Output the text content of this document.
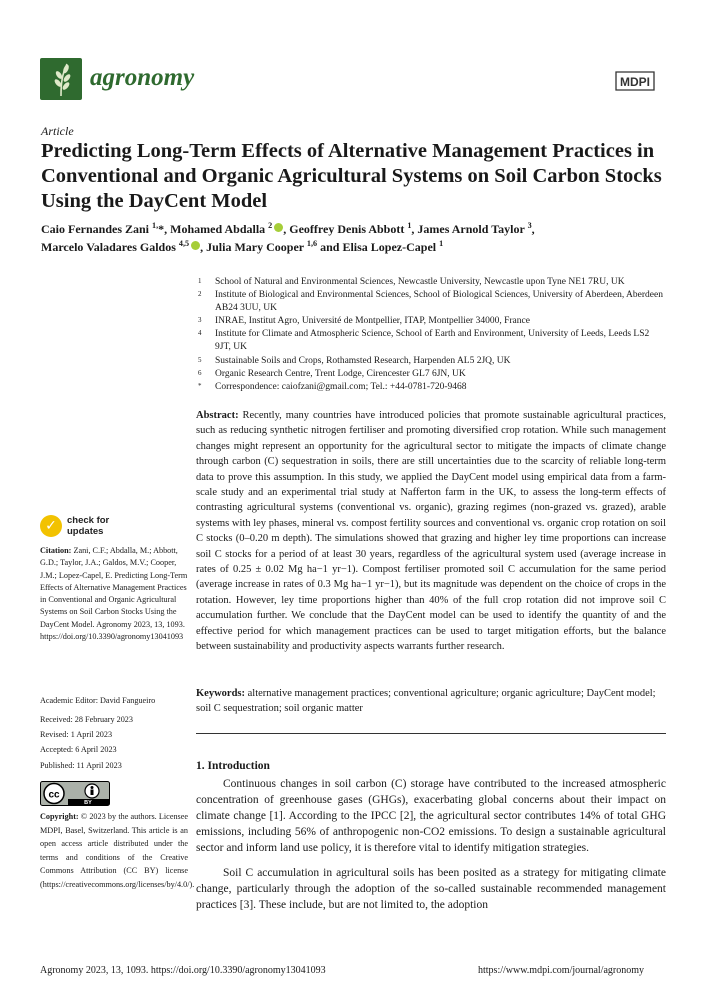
agronomy	MDPI
Article
Predicting Long-Term Effects of Alternative Management Practices in Conventional and Organic Agricultural Systems on Soil Carbon Stocks Using the DayCent Model
Caio Fernandes Zani $^{1,}$*, Mohamed Abdalla $^2$ , Geoffrey Denis Abbott $^1$, James Arnold Taylor $^3$,
Marcelo Valadares Galdos $^{4,5}$ , Julia Mary Cooper $^{1,6}$ and Elisa Lopez-Capel $^1$
1 School of Natural and Environmental Sciences, Newcastle University, Newcastle upon Tyne NE1 7RU, UK
2 Institute of Biological and Environmental Sciences, School of Biological Sciences, University of Aberdeen, Aberdeen AB24 3UU, UK
3 INRAE, Institut Agro, Université de Montpellier, ITAP, Montpellier 34000, France
4 Institute for Climate and Atmospheric Science, School of Earth and Environment, University of Leeds, Leeds LS2 9JT, UK
5 Sustainable Soils and Crops, Rothamsted Research, Harpenden AL5 2JQ, UK
6 Organic Research Centre, Trent Lodge, Cirencester GL7 6JN, UK
* Correspondence: caiofzani@gmail.com; Tel.: +44-0781-720-9468

Abstract: Recently, many countries have introduced policies that promote sustainable agricultural practices, such as reducing synthetic nitrogen fertiliser and promoting diversified crop rotation. While such management changes might represent an opportunity for the agricultural sector to mitigate the impacts of climate change through carbon (C) sequestration in soils, there are still uncertainties due to the scarcity of reliable long-term data to prove this assumption. In this study, we applied the DayCent model using empirical data from a farm-scale study and an experimental trial study at Nafferton farm in the UK, to assess the long-term effects of contrasting agricultural systems (conventional vs. organic), grazing regimes (non-grazed vs. grazed), arable systems with ley phases, mineral vs. compost fertility sources and conventional vs. organic crop rotation on soil C stocks (0–0.20 m depth). The simulations showed that grazing and higher ley time proportions can increase soil C stocks for a period of at least 30 years, regardless of the agricultural system used (average increase in rates of 0.25 ± 0.02 Mg ha−1 yr−1). Compost fertiliser promoted soil C accumulation for the same period (average increase in rates of 0.3 Mg ha−1 yr−1), but its magnitude was dependent on the choice of crops in the rotation. However, ley time proportions higher than 40% of the full crop rotation did not improve soil C accumulation further. We conclude that the DayCent model can be used to identify the quantity of and the effective period for which management practices can be used to target mitigation efforts, but the balance between sustainability and productivity aspects warrants further research.

Keywords: alternative management practices; conventional agriculture; organic agriculture; DayCent model; soil C sequestration; soil organic matter

1. Introduction

Continuous changes in soil carbon (C) storage have contributed to the increased atmospheric concentration of greenhouse gases (GHGs), exacerbating global concerns about their impact on climate change [1]. According to the IPCC [2], the agricultural sector contributes 14% of total GHG emissions, including 56% of anthropogenic non-CO2 emissions. To design a sustainable agricultural sector and inform land use policy, it is therefore vital to identify mitigation strategies.

Soil C accumulation in agricultural soils has been posited as a strategy for mitigating climate change, particularly through the adoption of the so-called sustainable recommended management practices [3]. These include, but are not limited to, the adoption

✓	check for updates

Citation: Zani, C.F.; Abdalla, M.; Abbott, G.D.; Taylor, J.A.; Galdos, M.V.; Cooper, J.M.; Lopez-Capel, E. Predicting Long-Term Effects of Alternative Management Practices in Conventional and Organic Agricultural Systems on Soil Carbon Stocks Using the DayCent Model. Agronomy 2023, 13, 1093. https://doi.org/10.3390/agronomy13041093

Academic Editor: David Fangueiro

Received: 28 February 2023
Revised: 1 April 2023
Accepted: 6 April 2023
Published: 11 April 2023
cc
BY

Copyright: © 2023 by the authors. Licensee MDPI, Basel, Switzerland. This article is an open access article distributed under the terms and conditions of the Creative Commons Attribution (CC BY) license (https://creativecommons.org/licenses/by/4.0/).

Agronomy 2023, 13, 1093. https://doi.org/10.3390/agronomy13041093	https://www.mdpi.com/journal/agronomy
